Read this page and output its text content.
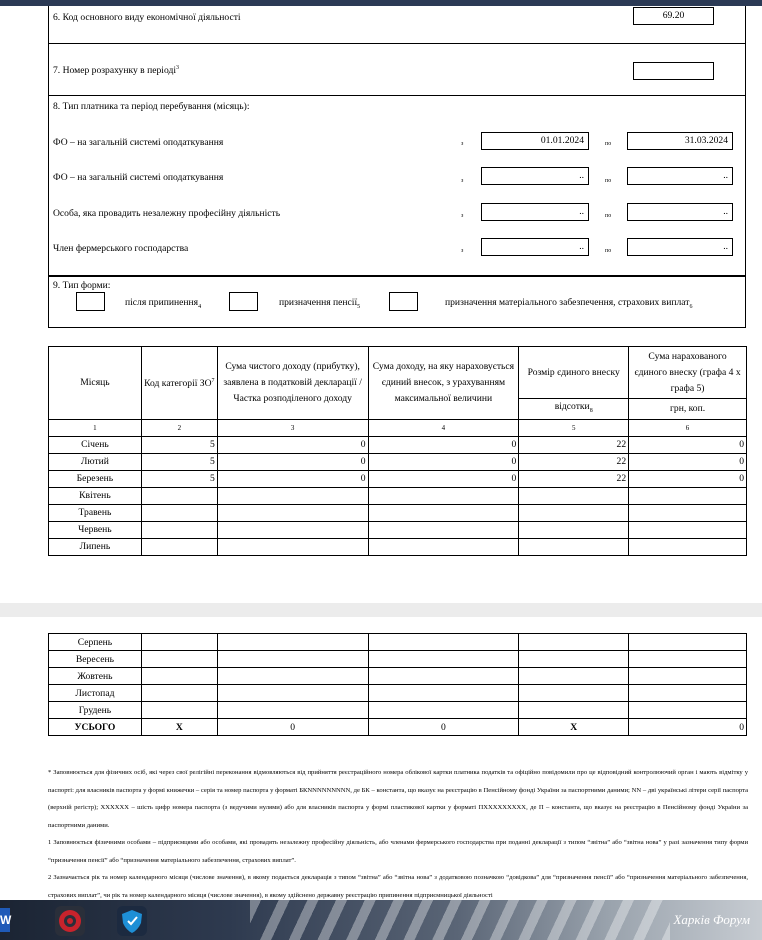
6. Код основного виду економічної діяльності	69.20
7. Номер розрахунку в періоді$^3$
8. Тип платника та період перебування (місяць):
ФО – на загальній системі оподаткування	з	01.01.2024	по	31.03.2024
ФО – на загальній системі оподаткування	з	..	по	..
Особа, яка провадить незалежну професійну діяльність	з	..	по	..
Член фермерського господарства	з	..	по	..
9. Тип форми:
після припинення$_4$	призначення пенсії$_5$	призначення матеріального забезпечення, страхових виплат$_6$
Місяць	Код категорії $ЗО^7$	Сума чистого доходу (прибутку), заявлена в податковій декларації / Частка розподіленого доходу	Сума доходу, на яку нараховується єдиний внесок, з урахуванням максимальної величини	Розмір єдиного внеску	Сума нарахованого єдиного внеску (графа 4 х графа 5)
				відсотки$_8$	грн, коп.
1	2	3	4	5	6
Січень	5	0	0	22	0
Лютий	5	0	0	22	0
Березень	5	0	0	22	0
Квітень					
Травень					
Червень					
Липень					
Серпень					
Вересень					
Жовтень					
Листопад					
Грудень					
УСЬОГО	Х	0	0	Х	0

* Заповнюється для фізичних осіб, які через свої релігійні переконання відмовляються від прийняття реєстраційного номера облікової картки платника податків та офіційно повідомили про це відповідний контролюючий орган і мають відмітку у паспорті: для власників паспорта у формі книжечки – серія та номер паспорта у форматі БКNNNNNNNNN, де БК – константа, що вказує на реєстрацію в Пенсійному фонді України за паспортними даними; NN – дві українські літери серії паспорта (верхній регістр); XXXXXX – шість цифр номера паспорта (з ведучими нулями) або для власників паспорта у формі пластикової картки у форматі ПXXXXXXXXX, де П – константа, що вказує на реєстрацію в Пенсійному фонді України за паспортними даними.

1 Заповнюється фізичними особами – підприємцями або особами, які провадять незалежну професійну діяльність, або членами фермерського господарства при поданні декларації з типом “звітна” або “звітна нова” у разі зазначення типу форми “призначення пенсії” або “призначення матеріального забезпечення, страхових виплат”.

2 Зазначається рік та номер календарного місяця (числове значення), в якому подається декларація з типом “звітна” або “звітна нова” з додатковою позначкою “довідкова” для “призначення пенсії” або “призначення матеріального забезпечення, страхових виплат”, чи рік та номер календарного місяця (числове значення), в якому здійснено державну реєстрацію припинення підприємницької діяльності

W	Харків Форум
